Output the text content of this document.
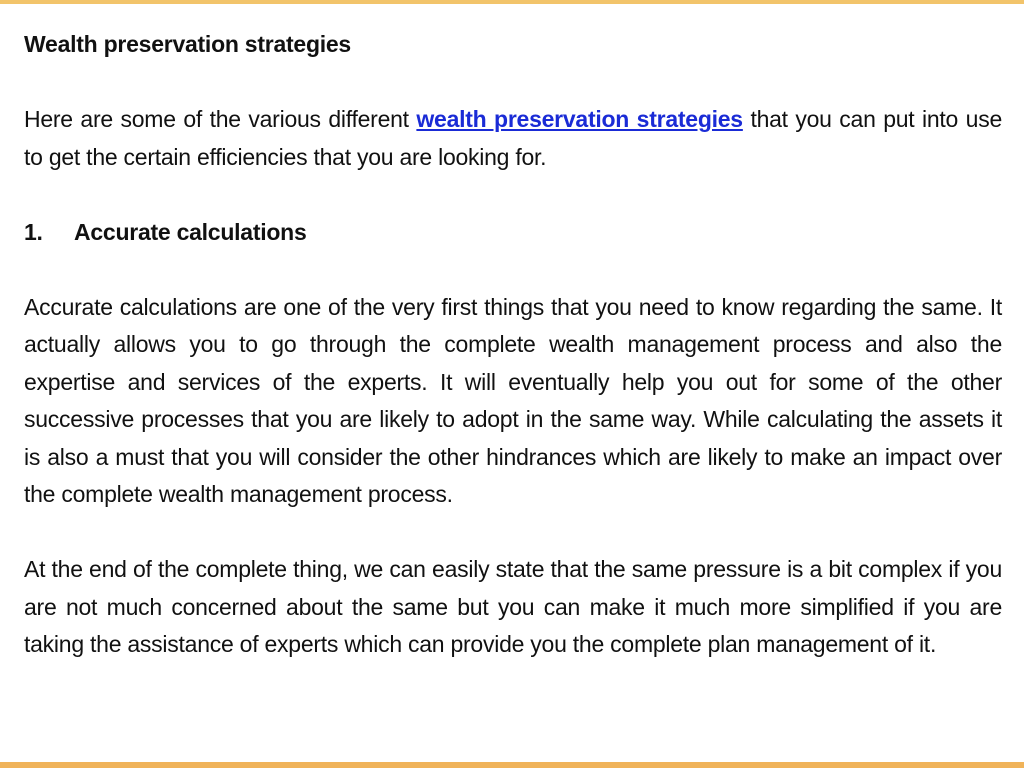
Wealth preservation strategies

Here are some of the various different wealth preservation strategies that you can put into use to get the certain efficiencies that you are looking for.

1.	Accurate calculations

Accurate calculations are one of the very first things that you need to know regarding the same. It actually allows you to go through the complete wealth management process and also the expertise and services of the experts. It will eventually help you out for some of the other successive processes that you are likely to adopt in the same way. While calculating the assets it is also a must that you will consider the other hindrances which are likely to make an impact over the complete wealth management process.

At the end of the complete thing, we can easily state that the same pressure is a bit complex if you are not much concerned about the same but you can make it much more simplified if you are taking the assistance of experts which can provide you the complete plan management of it.
